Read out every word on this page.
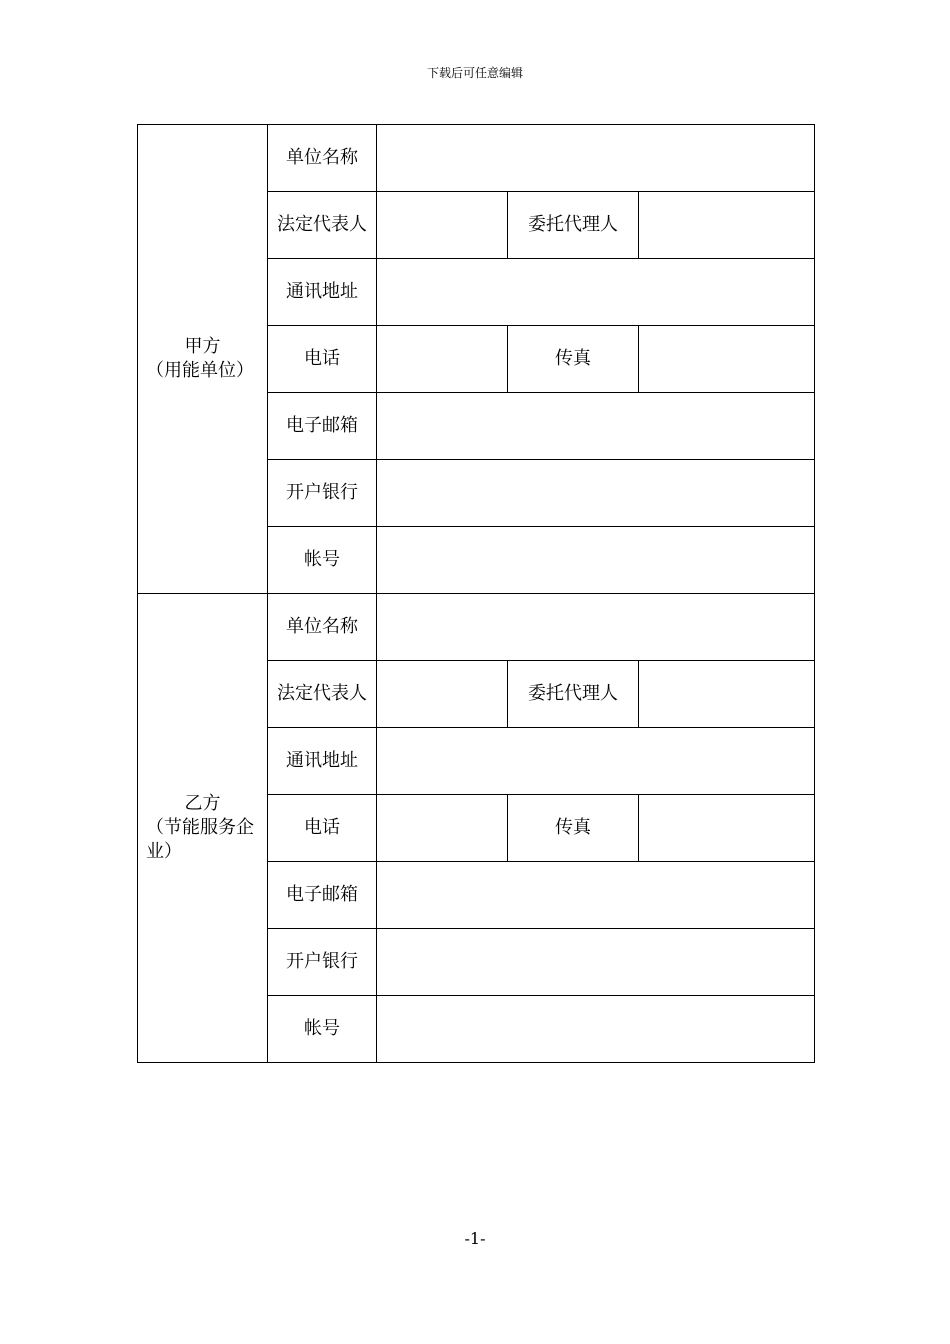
下载后可任意编辑
甲方
（用能单位）	单位名称			

	法定代表人		委托代理人	

	通讯地址			

	电话		传真	

	电子邮箱			

	开户银行			

	帐号			

乙方
（节能服务企业）	单位名称			

	法定代表人		委托代理人	

	通讯地址			

	电话		传真	

	电子邮箱			

	开户银行			

	帐号			

-1-
